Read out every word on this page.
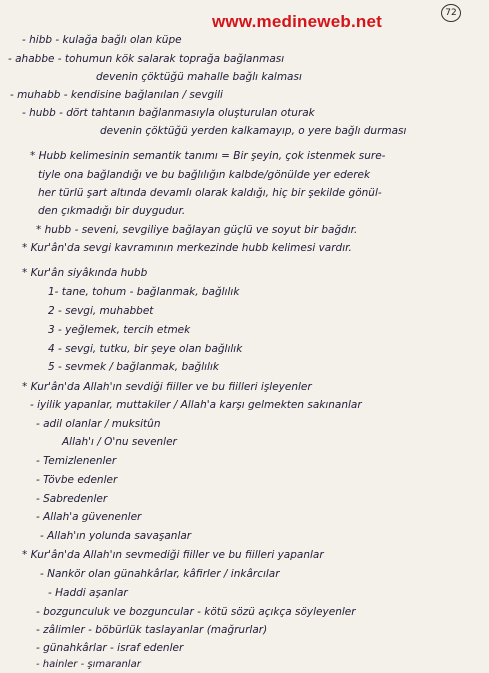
www.medineweb.net	72
- hibb - kulağa bağlı olan küpe
- ahabbe - tohumun kök salarak toprağa bağlanması
devenin çöktüğü mahalle bağlı kalması
- muhabb - kendisine bağlanılan / sevgili
- hubb - dört tahtanın bağlanmasıyla oluşturulan oturak
devenin çöktüğü yerden kalkamayıp, o yere bağlı durması
* Hubb kelimesinin semantik tanımı = Bir şeyin, çok istenmek sure-
tiyle ona bağlandığı ve bu bağlılığın kalbde/gönülde yer ederek
her türlü şart altında devamlı olarak kaldığı, hiç bir şekilde gönül-
den çıkmadığı bir duygudur.
* hubb - seveni, sevgiliye bağlayan güçlü ve soyut bir bağdır.
* Kur'ân'da sevgi kavramının merkezinde hubb kelimesi vardır.
* Kur'ân siyâkında hubb
1- tane, tohum - bağlanmak, bağlılık
2 - sevgi, muhabbet
3 - yeğlemek, tercih etmek
4 - sevgi, tutku, bir şeye olan bağlılık
5 - sevmek / bağlanmak, bağlılık
* Kur'ân'da Allah'ın sevdiği fiiller ve bu fiilleri işleyenler
- iyilik yapanlar, muttakiler / Allah'a karşı gelmekten sakınanlar
- adil olanlar / muksitûn
Allah'ı / O'nu sevenler
- Temizlenenler
- Tövbe edenler
- Sabredenler
- Allah'a güvenenler
- Allah'ın yolunda savaşanlar
* Kur'ân'da Allah'ın sevmediği fiiller ve bu fiilleri yapanlar
- Nankör olan günahkârlar, kâfirler / inkârcılar
- Haddi aşanlar
- bozgunculuk ve bozguncular - kötü sözü açıkça söyleyenler
- zâlimler - böbürlük taslayanlar (mağrurlar)
- günahkârlar - israf edenler
- hainler - şımaranlar
